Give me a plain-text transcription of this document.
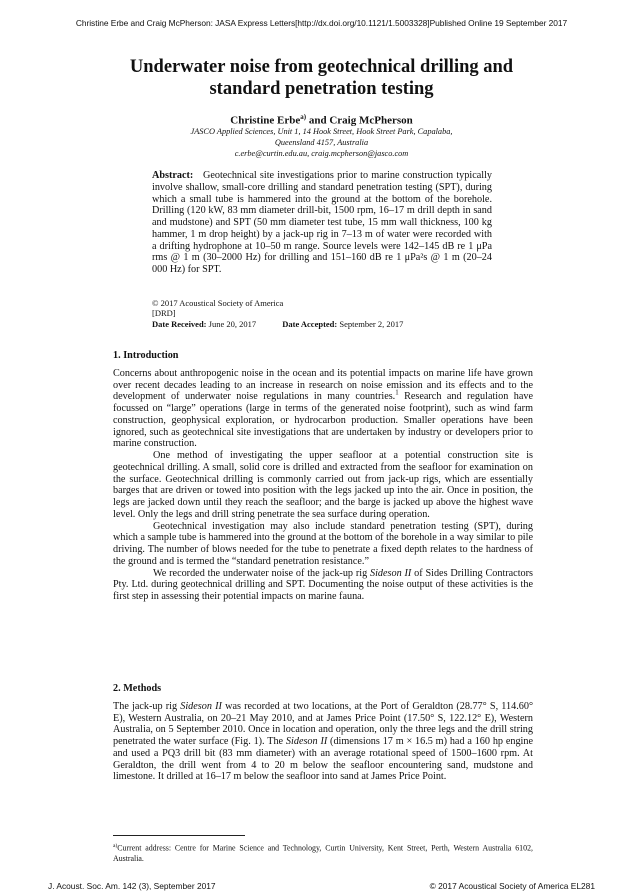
Christine Erbe and Craig McPherson: JASA Express Letters[http://dx.doi.org/10.1121/1.5003328]Published Online 19 September 2017
Underwater noise from geotechnical drilling and
standard penetration testing
Christine Erbe$^{a)}$ and Craig McPherson
JASCO Applied Sciences, Unit 1, 14 Hook Street, Hook Street Park, Capalaba,
Queensland 4157, Australia
c.erbe@curtin.edu.au, craig.mcpherson@jasco.com
Abstract: Geotechnical site investigations prior to marine construction typically involve shallow, small-core drilling and standard penetration testing (SPT), during which a small tube is hammered into the ground at the bottom of the borehole. Drilling (120 kW, 83 mm diameter drill-bit, 1500 rpm, 16–17 m drill depth in sand and mudstone) and SPT (50 mm diameter test tube, 15 mm wall thickness, 100 kg hammer, 1 m drop height) by a jack-up rig in 7–13 m of water were recorded with a drifting hydrophone at 10–50 m range. Source levels were 142–145 dB re 1 μPa rms @ 1 m (30–2000 Hz) for drilling and 151–160 dB re 1 μPa²s @ 1 m (20–24 000 Hz) for SPT.
© 2017 Acoustical Society of America
[DRD]
Date Received: June 20, 2017	Date Accepted: September 2, 2017

1. Introduction

Concerns about anthropogenic noise in the ocean and its potential impacts on marine life have grown over recent decades leading to an increase in research on noise emission and its effects and to the development of underwater noise regulations in many countries.$^1$ Research and regulation have focussed on “large” operations (large in terms of the generated noise footprint), such as wind farm construction, geophysical exploration, or hydrocarbon production. Smaller operations have been ignored, such as geotechnical site investigations that are undertaken by industry or developers prior to marine construction.

One method of investigating the upper seafloor at a potential construction site is geotechnical drilling. A small, solid core is drilled and extracted from the seafloor for examination on the surface. Geotechnical drilling is commonly carried out from jack-up rigs, which are essentially barges that are driven or towed into position with the legs jacked up into the air. Once in position, the legs are jacked down until they reach the seafloor; and the barge is jacked up above the highest wave level. Only the legs and drill string penetrate the sea surface during operation.

Geotechnical investigation may also include standard penetration testing (SPT), during which a sample tube is hammered into the ground at the bottom of the borehole in a way similar to pile driving. The number of blows needed for the tube to penetrate a fixed depth relates to the hardness of the ground and is termed the “standard penetration resistance.”

We recorded the underwater noise of the jack-up rig Sideson II of Sides Drilling Contractors Pty. Ltd. during geotechnical drilling and SPT. Documenting the noise output of these activities is the first step in assessing their potential impacts on marine fauna.

2. Methods

The jack-up rig Sideson II was recorded at two locations, at the Port of Geraldton (28.77° S, 114.60° E), Western Australia, on 20–21 May 2010, and at James Price Point (17.50° S, 122.12° E), Western Australia, on 5 September 2010. Once in location and operation, only the three legs and the drill string penetrated the water surface (Fig. 1). The Sideson II (dimensions 17 m × 16.5 m) had a 160 hp engine and used a PQ3 drill bit (83 mm diameter) with an average rotational speed of 1500–1600 rpm. At Geraldton, the drill went from 4 to 20 m below the seafloor encountering sand, mudstone and limestone. It drilled at 16–17 m below the seafloor into sand at James Price Point.

$^{a)}$Current address: Centre for Marine Science and Technology, Curtin University, Kent Street, Perth, Western Australia 6102, Australia.
J. Acoust. Soc. Am. 142 (3), September 2017	© 2017 Acoustical Society of America EL281
